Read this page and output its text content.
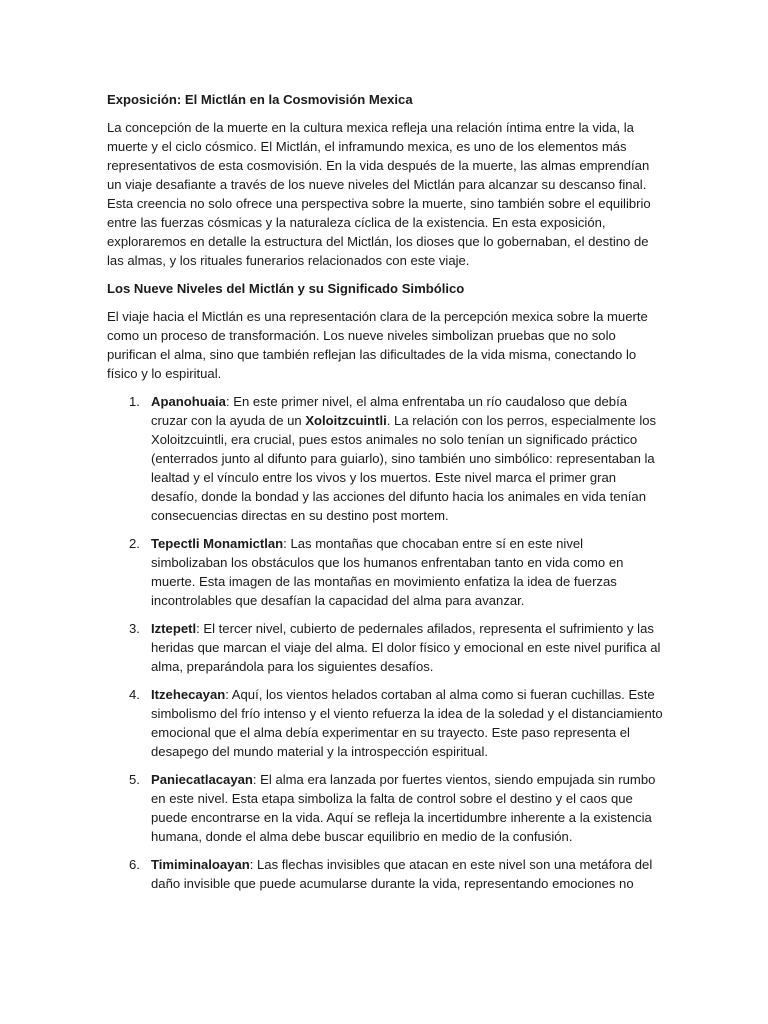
Exposición: El Mictlán en la Cosmovisión Mexica

La concepción de la muerte en la cultura mexica refleja una relación íntima entre la vida, la muerte y el ciclo cósmico. El Mictlán, el inframundo mexica, es uno de los elementos más representativos de esta cosmovisión. En la vida después de la muerte, las almas emprendían un viaje desafiante a través de los nueve niveles del Mictlán para alcanzar su descanso final. Esta creencia no solo ofrece una perspectiva sobre la muerte, sino también sobre el equilibrio entre las fuerzas cósmicas y la naturaleza cíclica de la existencia. En esta exposición, exploraremos en detalle la estructura del Mictlán, los dioses que lo gobernaban, el destino de las almas, y los rituales funerarios relacionados con este viaje.

Los Nueve Niveles del Mictlán y su Significado Simbólico

El viaje hacia el Mictlán es una representación clara de la percepción mexica sobre la muerte como un proceso de transformación. Los nueve niveles simbolizan pruebas que no solo purifican el alma, sino que también reflejan las dificultades de la vida misma, conectando lo físico y lo espiritual.

1. Apanohuaia: En este primer nivel, el alma enfrentaba un río caudaloso que debía cruzar con la ayuda de un Xoloitzcuintli. La relación con los perros, especialmente los Xoloitzcuintli, era crucial, pues estos animales no solo tenían un significado práctico (enterrados junto al difunto para guiarlo), sino también uno simbólico: representaban la lealtad y el vínculo entre los vivos y los muertos. Este nivel marca el primer gran desafío, donde la bondad y las acciones del difunto hacia los animales en vida tenían consecuencias directas en su destino post mortem.
2. Tepectli Monamictlan: Las montañas que chocaban entre sí en este nivel simbolizaban los obstáculos que los humanos enfrentaban tanto en vida como en muerte. Esta imagen de las montañas en movimiento enfatiza la idea de fuerzas incontrolables que desafían la capacidad del alma para avanzar.
3. Iztepetl: El tercer nivel, cubierto de pedernales afilados, representa el sufrimiento y las heridas que marcan el viaje del alma. El dolor físico y emocional en este nivel purifica al alma, preparándola para los siguientes desafíos.
4. Itzehecayan: Aquí, los vientos helados cortaban al alma como si fueran cuchillas. Este simbolismo del frío intenso y el viento refuerza la idea de la soledad y el distanciamiento emocional que el alma debía experimentar en su trayecto. Este paso representa el desapego del mundo material y la introspección espiritual.
5. Paniecatlacayan: El alma era lanzada por fuertes vientos, siendo empujada sin rumbo en este nivel. Esta etapa simboliza la falta de control sobre el destino y el caos que puede encontrarse en la vida. Aquí se refleja la incertidumbre inherente a la existencia humana, donde el alma debe buscar equilibrio en medio de la confusión.
6. Timiminaloayan: Las flechas invisibles que atacan en este nivel son una metáfora del daño invisible que puede acumularse durante la vida, representando emociones no
